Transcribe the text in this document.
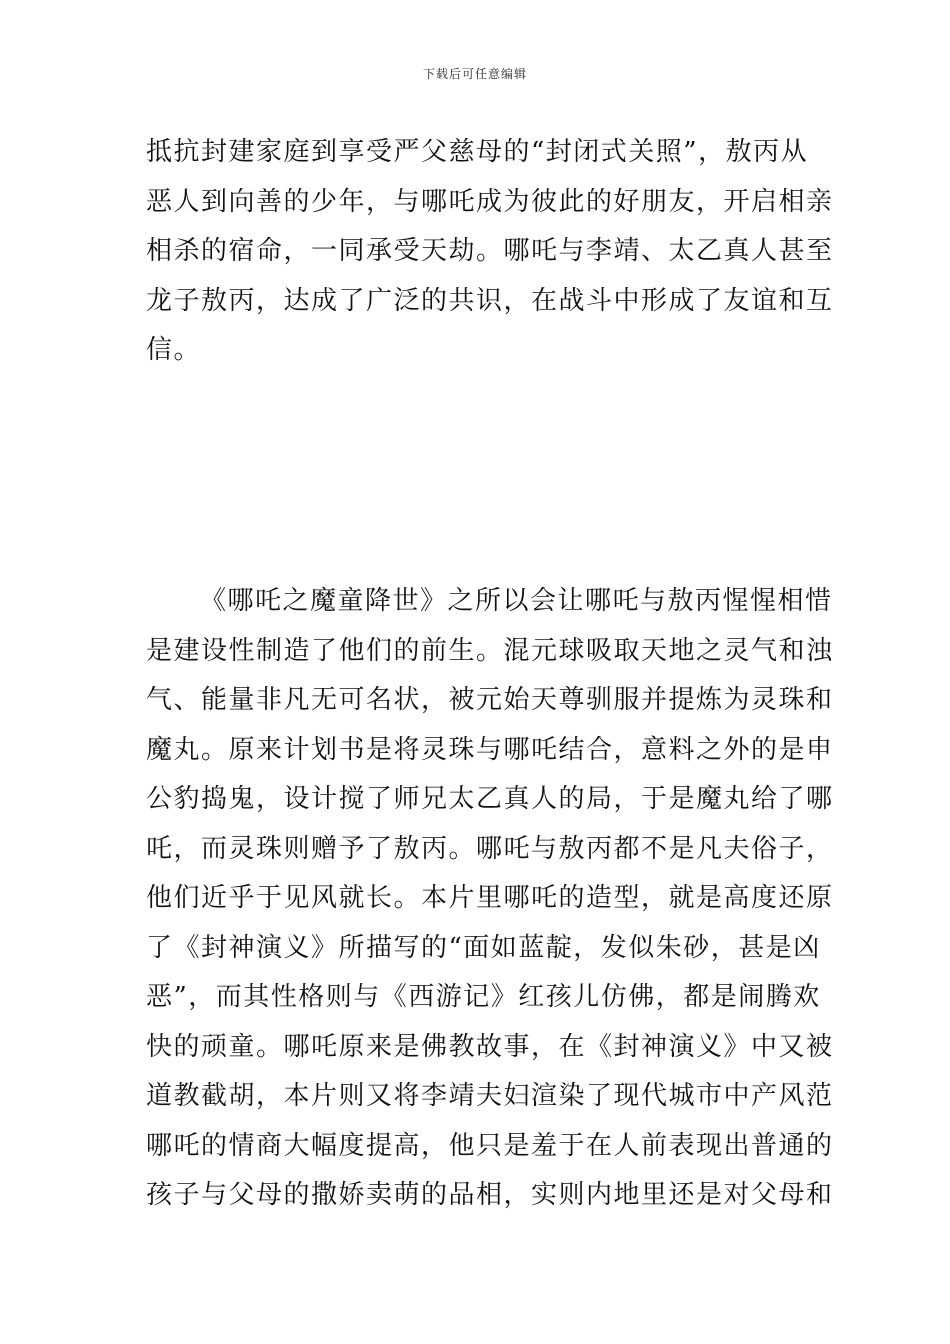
下载后可任意编辑
抵抗封建家庭到享受严父慈母的“封闭式关照”，敖丙从
恶人到向善的少年，与哪吒成为彼此的好朋友，开启相亲
相杀的宿命，一同承受天劫。哪吒与李靖、太乙真人甚至
龙子敖丙，达成了广泛的共识，在战斗中形成了友谊和互
信。
《哪吒之魔童降世》之所以会让哪吒与敖丙惺惺相惜
是建设性制造了他们的前生。混元球吸取天地之灵气和浊
气、能量非凡无可名状，被元始天尊驯服并提炼为灵珠和
魔丸。原来计划书是将灵珠与哪吒结合，意料之外的是申
公豹捣鬼，设计搅了师兄太乙真人的局，于是魔丸给了哪
吒，而灵珠则赠予了敖丙。哪吒与敖丙都不是凡夫俗子，
他们近乎于见风就长。本片里哪吒的造型，就是高度还原
了《封神演义》所描写的“面如蓝靛，发似朱砂，甚是凶
恶”，而其性格则与《西游记》红孩儿仿佛，都是闹腾欢
快的顽童。哪吒原来是佛教故事，在《封神演义》中又被
道教截胡，本片则又将李靖夫妇渲染了现代城市中产风范
哪吒的情商大幅度提高，他只是羞于在人前表现出普通的
孩子与父母的撒娇卖萌的品相，实则内地里还是对父母和
